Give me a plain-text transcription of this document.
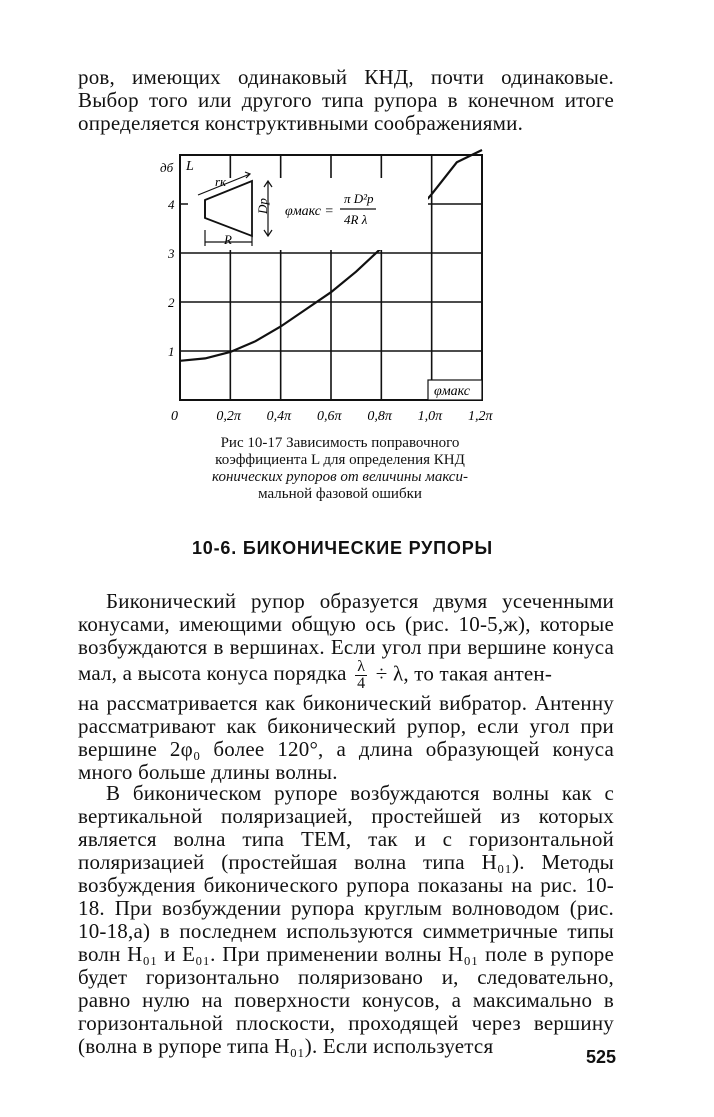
ров, имеющих одинаковый КНД, почти одинаковые. Выбор того или другого типа рупора в конечном итоге определяется конструктивными соображениями.
0	0,2π 0,4π 0,6π 0,8π 1,0π 1,2π
1
2
3
4
дб L
φмакс
rк
Dр
R
φмакс =
π D²р
4R λ
Рис 10-17 Зависимость поправочного
коэффициента L для определения КНД
конических рупоров от величины макси-
мальной фазовой ошибки
10-6. БИКОНИЧЕСКИЕ РУПОРЫ
Биконический рупор образуется двумя усеченными конусами, имеющими общую ось (рис. 10-5,ж), которые возбуждаются в вершинах. Если угол при вершине конуса мал, а высота конуса порядка $\frac{\lambda}{4} \div \lambda$, то такая антен-
на рассматривается как биконический вибратор. Антенну рассматривают как биконический рупор, если угол при вершине 2φ₀ более 120°, а длина образующей конуса много больше длины волны.
В биконическом рупоре возбуждаются волны как с вертикальной поляризацией, простейшей из которых является волна типа TEM, так и с горизонтальной поляризацией (простейшая волна типа H₀₁). Методы возбуждения биконического рупора показаны на рис. 10-18. При возбуждении рупора круглым волноводом (рис. 10-18,а) в последнем используются симметричные типы волн H₀₁ и E₀₁. При применении волны H₀₁ поле в рупоре будет горизонтально поляризовано и, следовательно, равно нулю на поверхности конусов, а максимально в горизонтальной плоскости, проходящей через вершину (волна в рупоре типа H₀₁). Если используется	525
